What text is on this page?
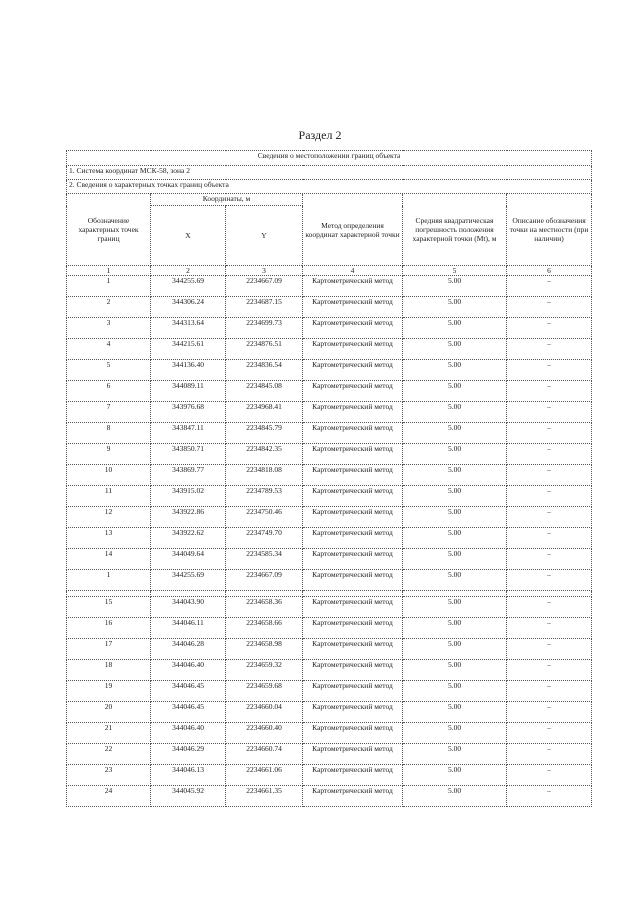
Раздел 2
Сведения о местоположении границ объекта					
1. Система координат МСК-58, зона 2					
2. Сведения о характерных точках границ объекта					
Обозначение характерных точек границ	Координаты, м		Метод определения координат характерной точки	Средняя квадратическая погрешность положения характерной точки (Mt), м	Описание обозначения точки на местности (при наличии)
	X	Y			
1	2	3	4	5	6
1	344255.69	2234667.09	Картометрический метод	5.00	–
2	344306.24	2234687.15	Картометрический метод	5.00	–
3	344313.64	2234699.73	Картометрический метод	5.00	–
4	344215.61	2234876.51	Картометрический метод	5.00	–
5	344136.40	2234836.54	Картометрический метод	5.00	–
6	344089.11	2234845.08	Картометрический метод	5.00	–
7	343976.68	2234968.41	Картометрический метод	5.00	–
8	343847.11	2234845.79	Картометрический метод	5.00	–
9	343850.71	2234842.35	Картометрический метод	5.00	–
10	343869.77	2234818.08	Картометрический метод	5.00	–
11	343915.02	2234789.53	Картометрический метод	5.00	–
12	343922.86	2234750.46	Картометрический метод	5.00	–
13	343922.62	2234749.70	Картометрический метод	5.00	–
14	344049.64	2234585.34	Картометрический метод	5.00	–
1	344255.69	2234667.09	Картометрический метод	5.00	–

15	344043.90	2234658.36	Картометрический метод	5.00	–
16	344046.11	2234658.66	Картометрический метод	5.00	–
17	344046.28	2234658.98	Картометрический метод	5.00	–
18	344046.40	2234659.32	Картометрический метод	5.00	–
19	344046.45	2234659.68	Картометрический метод	5.00	–
20	344046.45	2234660.04	Картометрический метод	5.00	–
21	344046.40	2234660.40	Картометрический метод	5.00	–
22	344046.29	2234660.74	Картометрический метод	5.00	–
23	344046.13	2234661.06	Картометрический метод	5.00	–
24	344045.92	2234661.35	Картометрический метод	5.00	–
